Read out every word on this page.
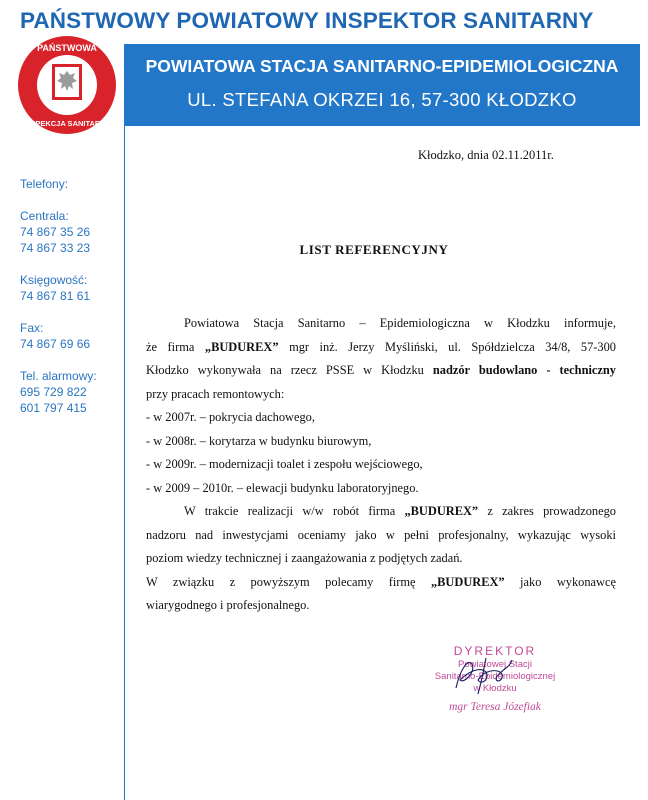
PAŃSTWOWY POWIATOWY INSPEKTOR SANITARNY
PAŃSTWOWA
INSPEKCJA SANITARNA
POWIATOWA STACJA SANITARNO-EPIDEMIOLOGICZNA
UL. STEFANA OKRZEI 16, 57-300 KŁODZKO
Telefony:
Centrala:
74 867 35 26
74 867 33 23
Księgowość:
74 867 81 61
Fax:
74 867 69 66
Tel. alarmowy:
695 729 822
601 797 415
Kłodzko, dnia 02.11.2011r.
LIST REFERENCYJNY
Powiatowa Stacja Sanitarno – Epidemiologiczna w Kłodzku informuje,
że firma „BUDUREX” mgr inż. Jerzy Myśliński, ul. Spółdzielcza 34/8, 57-300
Kłodzko wykonywała na rzecz PSSE w Kłodzku nadzór budowlano - techniczny
przy pracach remontowych:
- w 2007r. – pokrycia dachowego,
- w 2008r. – korytarza w budynku biurowym,
- w 2009r. – modernizacji toalet i zespołu wejściowego,
- w 2009 – 2010r. – elewacji budynku laboratoryjnego.
W trakcie realizacji w/w robót firma „BUDUREX” z zakres prowadzonego
nadzoru nad inwestycjami oceniamy jako w pełni profesjonalny, wykazując wysoki
poziom wiedzy technicznej i zaangażowania z podjętych zadań.
W związku z powyższym polecamy firmę „BUDUREX” jako wykonawcę
wiarygodnego i profesjonalnego.
DYREKTOR
Powiatowej Stacji
Sanitarno-Epidemiologicznej
w Kłodzku
mgr Teresa Józefiak
